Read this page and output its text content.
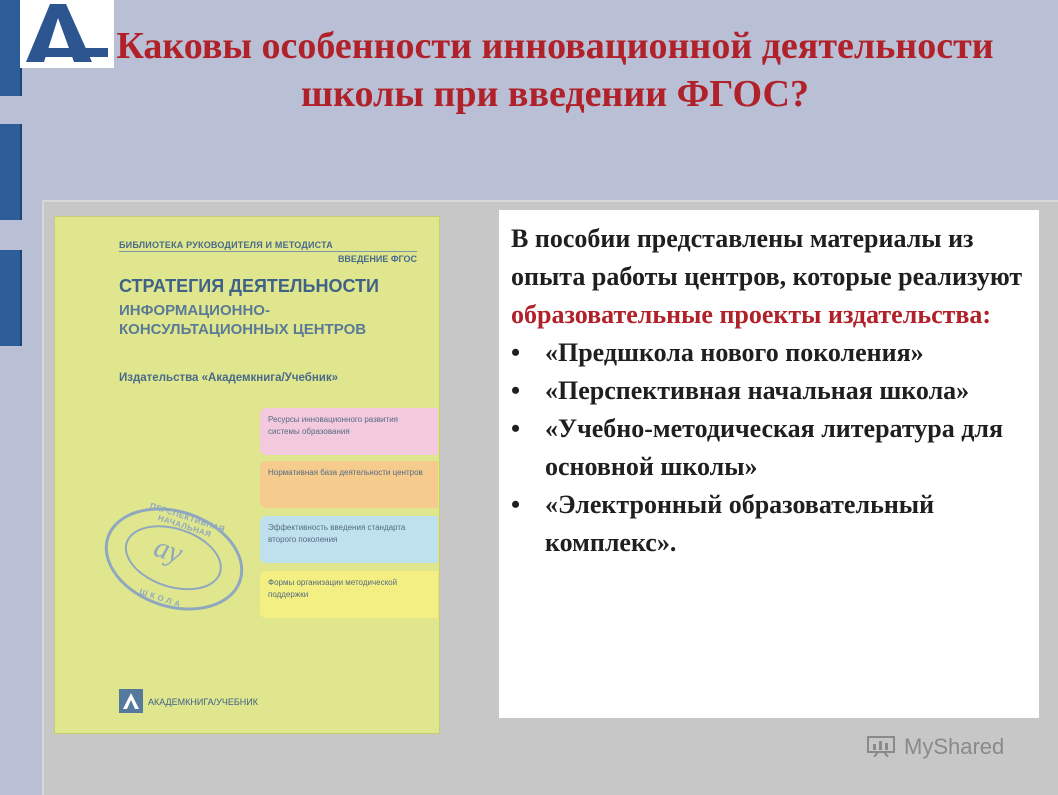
Каковы особенности инновационной деятельности школы при введении ФГОС?
БИБЛИОТЕКА РУКОВОДИТЕЛЯ И МЕТОДИСТА
ВВЕДЕНИЕ ФГОС
СТРАТЕГИЯ ДЕЯТЕЛЬНОСТИ
ИНФОРМАЦИОННО-КОНСУЛЬТАЦИОННЫХ ЦЕНТРОВ
Издательства «Академкнига/Учебник»
Ресурсы инновационного развития системы образования
Нормативная база деятельности центров
Эффективность введения стандарта второго поколения
Формы организации методической поддержки
ПЕРСПЕКТИВНАЯ НАЧАЛЬНАЯ
ау
ШКОЛА
АКАДЕМКНИГА/УЧЕБНИК

В пособии представлены материалы из опыта работы центров, которые реализуют образовательные проекты издательства:

• «Предшкола нового поколения»
• «Перспективная начальная школа»
• «Учебно-методическая литература для основной школы»
• «Электронный образовательный комплекс».
MyShared
